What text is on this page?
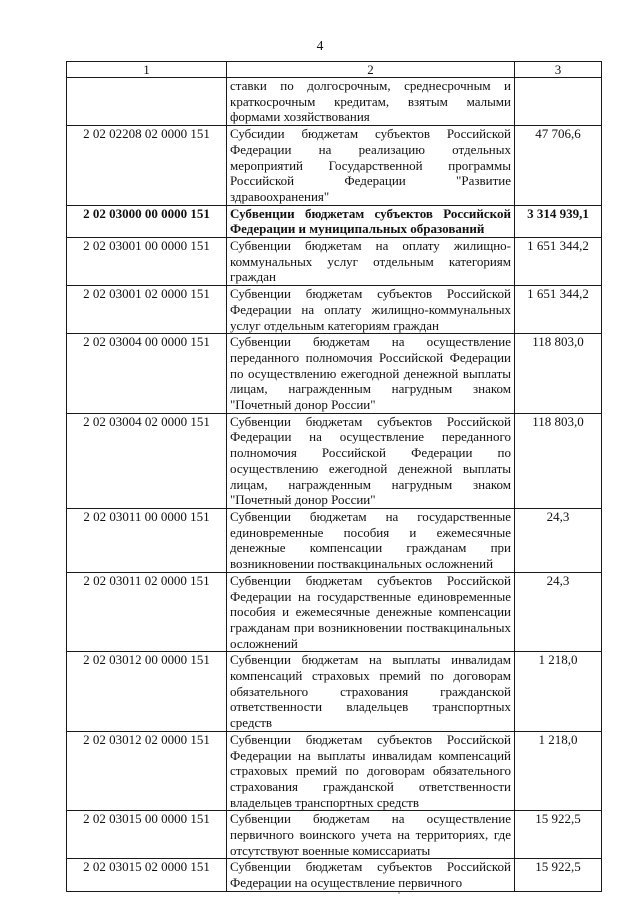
4
1	2	3
	ставки по долгосрочным, среднесрочным и краткосрочным кредитам, взятым малыми формами хозяйствования	
2 02 02208 02 0000 151	Субсидии бюджетам субъектов Российской Федерации на реализацию отдельных мероприятий Государственной программы Российской Федерации "Развитие здравоохранения"	47 706,6
2 02 03000 00 0000 151	Субвенции бюджетам субъектов Российской Федерации и муниципальных образований	3 314 939,1
2 02 03001 00 0000 151	Субвенции бюджетам на оплату жилищно-коммунальных услуг отдельным категориям граждан	1 651 344,2
2 02 03001 02 0000 151	Субвенции бюджетам субъектов Российской Федерации на оплату жилищно-коммунальных услуг отдельным категориям граждан	1 651 344,2
2 02 03004 00 0000 151	Субвенции бюджетам на осуществление переданного полномочия Российской Федерации по осуществлению ежегодной денежной выплаты лицам, награжденным нагрудным знаком "Почетный донор России"	118 803,0
2 02 03004 02 0000 151	Субвенции бюджетам субъектов Российской Федерации на осуществление переданного полномочия Российской Федерации по осуществлению ежегодной денежной выплаты лицам, награжденным нагрудным знаком "Почетный донор России"	118 803,0
2 02 03011 00 0000 151	Субвенции бюджетам на государственные единовременные пособия и ежемесячные денежные компенсации гражданам при возникновении поствакцинальных осложнений	24,3
2 02 03011 02 0000 151	Субвенции бюджетам субъектов Российской Федерации на государственные единовременные пособия и ежемесячные денежные компенсации гражданам при возникновении поствакцинальных осложнений	24,3
2 02 03012 00 0000 151	Субвенции бюджетам на выплаты инвалидам компенсаций страховых премий по договорам обязательного страхования гражданской ответственности владельцев транспортных средств	1 218,0
2 02 03012 02 0000 151	Субвенции бюджетам субъектов Российской Федерации на выплаты инвалидам компенсаций страховых премий по договорам обязательного страхования гражданской ответственности владельцев транспортных средств	1 218,0
2 02 03015 00 0000 151	Субвенции бюджетам на осуществление первичного воинского учета на территориях, где отсутствуют военные комиссариаты	15 922,5
2 02 03015 02 0000 151	Субвенции бюджетам субъектов Российской Федерации на осуществление первичного	15 922,5
